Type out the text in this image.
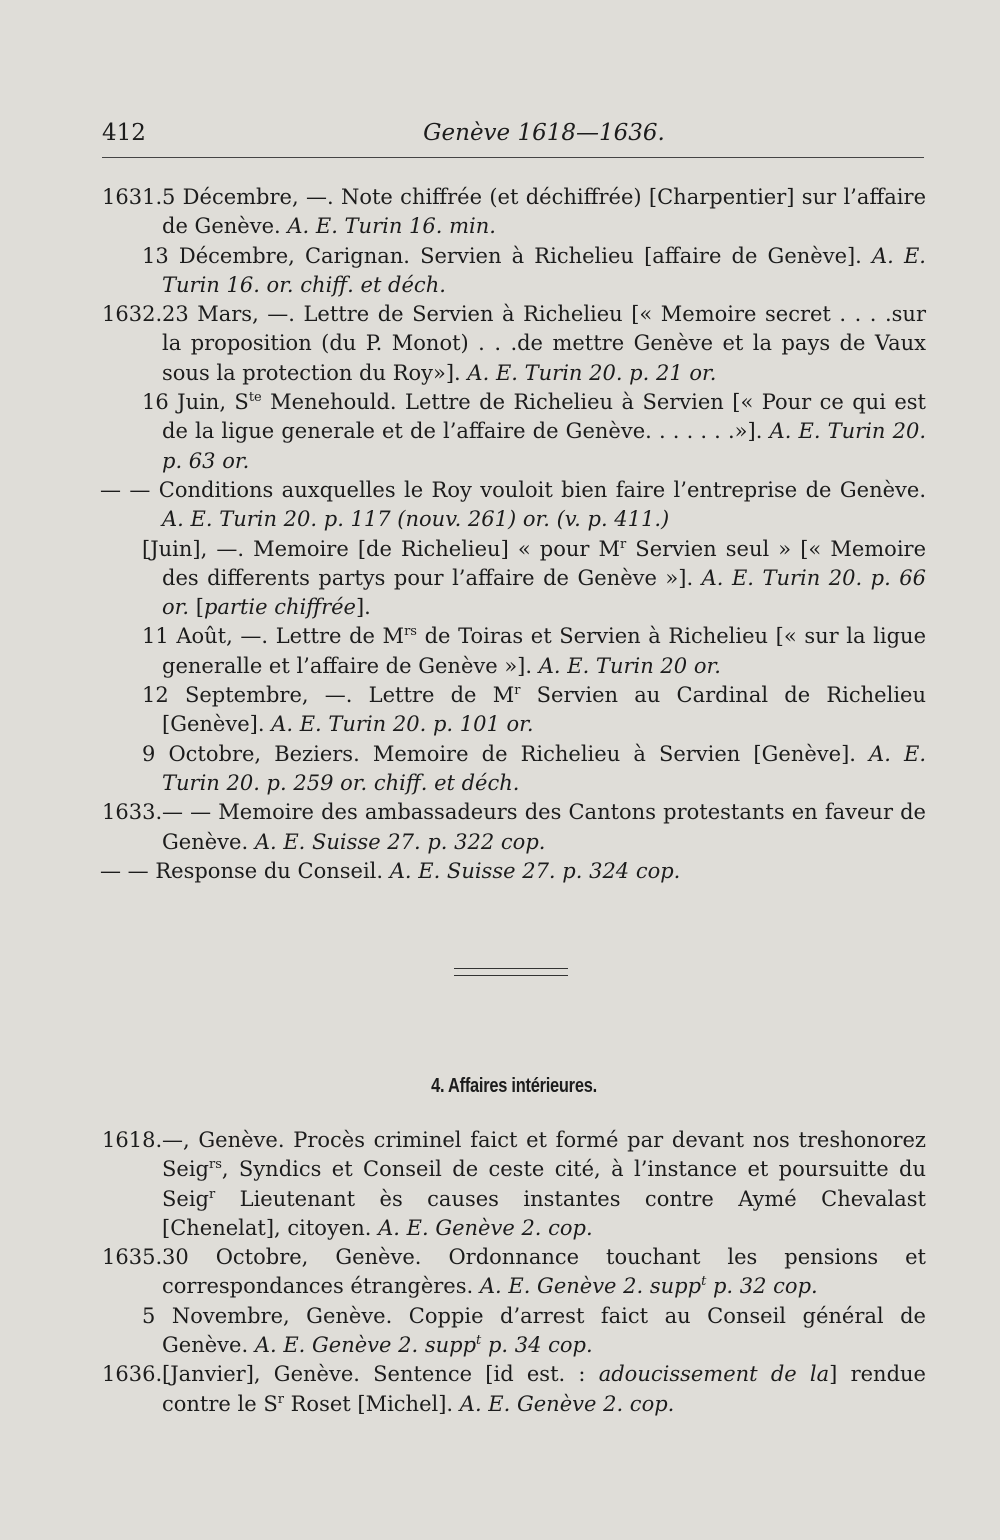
412	Genève 1618—1636.

1631.5 Décembre, —. Note chiffrée (et déchiffrée) [Charpentier] sur l’affaire de Genève. A. E. Turin 16. min.

13 Décembre, Carignan. Servien à Richelieu [affaire de Genève]. A. E. Turin 16. or. chiff. et déch.

1632.23 Mars, —. Lettre de Servien à Richelieu [« Memoire secret . . . .sur la proposition (du P. Monot) . . .de mettre Genève et la pays de Vaux sous la protection du Roy»]. A. E. Turin 20. p. 21 or.

16 Juin, $S^{te}$ Menehould. Lettre de Richelieu à Servien [« Pour ce qui est de la ligue generale et de l’affaire de Genève. . . . . . .»]. A. E. Turin 20. p. 63 or.

— — Conditions auxquelles le Roy vouloit bien faire l’entreprise de Genève. A. E. Turin 20. p. 117 (nouv. 261) or. (v. p. 411.)

[Juin], —. Memoire [de Richelieu] « pour $M^r$ Servien seul » [« Memoire des differents partys pour l’affaire de Genève »]. A. E. Turin 20. p. 66 or. [partie chiffrée].

11 Août, —. Lettre de $M^{rs}$ de Toiras et Servien à Richelieu [« sur la ligue generalle et l’affaire de Genève »]. A. E. Turin 20 or.

12 Septembre, —. Lettre de $M^r$ Servien au Cardinal de Richelieu [Genève]. A. E. Turin 20. p. 101 or.

9 Octobre, Beziers. Memoire de Richelieu à Servien [Genève]. A. E. Turin 20. p. 259 or. chiff. et déch.

1633.— — Memoire des ambassadeurs des Cantons protestants en faveur de Genève. A. E. Suisse 27. p. 322 cop.

— — Response du Conseil. A. E. Suisse 27. p. 324 cop.

4. Affaires intérieures.

1618.—, Genève. Procès criminel faict et formé par devant nos treshonorez Seig$^{rs}$, Syndics et Conseil de ceste cité, à l’instance et poursuitte du Seig$^r$ Lieutenant ès causes instantes contre Aymé Chevalast [Chenelat], citoyen. A. E. Genève 2. cop.

1635.30 Octobre, Genève. Ordonnance touchant les pensions et correspondances étrangères. A. E. Genève 2. supp$^t$ p. 32 cop.

5 Novembre, Genève. Coppie d’arrest faict au Conseil général de Genève. A. E. Genève 2. supp$^t$ p. 34 cop.

1636.[Janvier], Genève. Sentence [id est. : adoucissement de la] rendue contre le $S^r$ Roset [Michel]. A. E. Genève 2. cop.
